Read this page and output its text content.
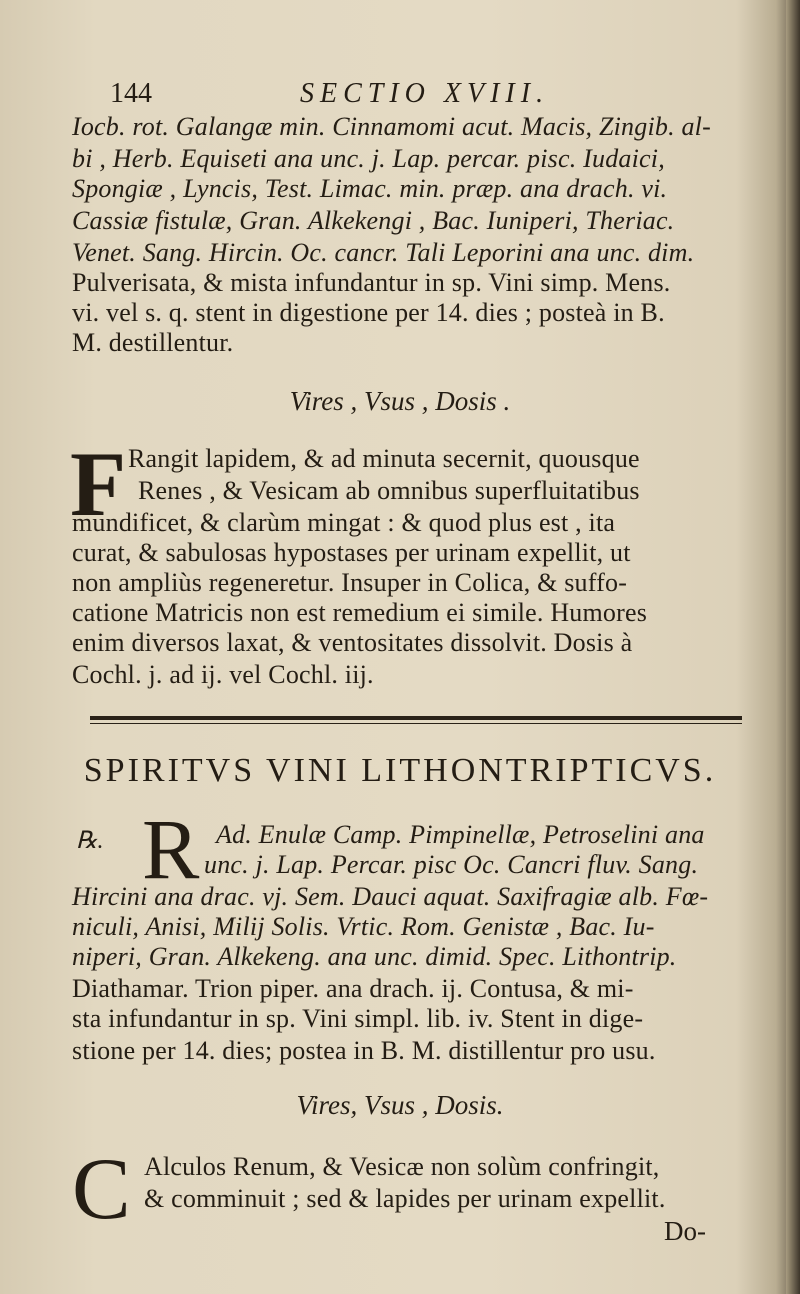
144	SECTIO XVIII.
Iocb. rot. Galangæ min. Cinnamomi acut. Macis, Zingib. al-
bi , Herb. Equiseti ana unc. j. Lap. percar. pisc. Iudaici,
Spongiæ , Lyncis, Test. Limac. min. præp. ana drach. vi.
Cassiæ fistulæ, Gran. Alkekengi , Bac. Iuniperi, Theriac.
Venet. Sang. Hircin. Oc. cancr. Tali Leporini ana unc. dim.
Pulverisata, & mista infundantur in sp. Vini simp. Mens.
vi. vel s. q. stent in digestione per 14. dies ; posteà in B.
M. destillentur.
Vires , Vsus , Dosis .
F Rangit lapidem, & ad minuta secernit, quousque
Renes , & Vesicam ab omnibus superfluitatibus
mundificet, & clarùm mingat : & quod plus est , ita
curat, & sabulosas hypostases per urinam expellit, ut
non ampliùs regeneretur. Insuper in Colica, & suffo-
catione Matricis non est remedium ei simile. Humores
enim diversos laxat, & ventositates dissolvit. Dosis à
Cochl. j. ad ij. vel Cochl. iij.
SPIRITVS VINI LITHONTRIPTICVS.
℞. R Ad. Enulæ Camp. Pimpinellæ, Petroselini ana
unc. j. Lap. Percar. pisc Oc. Cancri fluv. Sang.
Hircini ana drac. vj. Sem. Dauci aquat. Saxifragiæ alb. Fœ-
niculi, Anisi, Milij Solis. Vrtic. Rom. Genistæ , Bac. Iu-
niperi, Gran. Alkekeng. ana unc. dimid. Spec. Lithontrip.
Diathamar. Trion piper. ana drach. ij. Contusa, & mi-
sta infundantur in sp. Vini simpl. lib. iv. Stent in dige-
stione per 14. dies; postea in B. M. distillentur pro usu.
Vires, Vsus , Dosis.
C Alculos Renum, & Vesicæ non solùm confringit,
& comminuit ; sed & lapides per urinam expellit.
Do-
